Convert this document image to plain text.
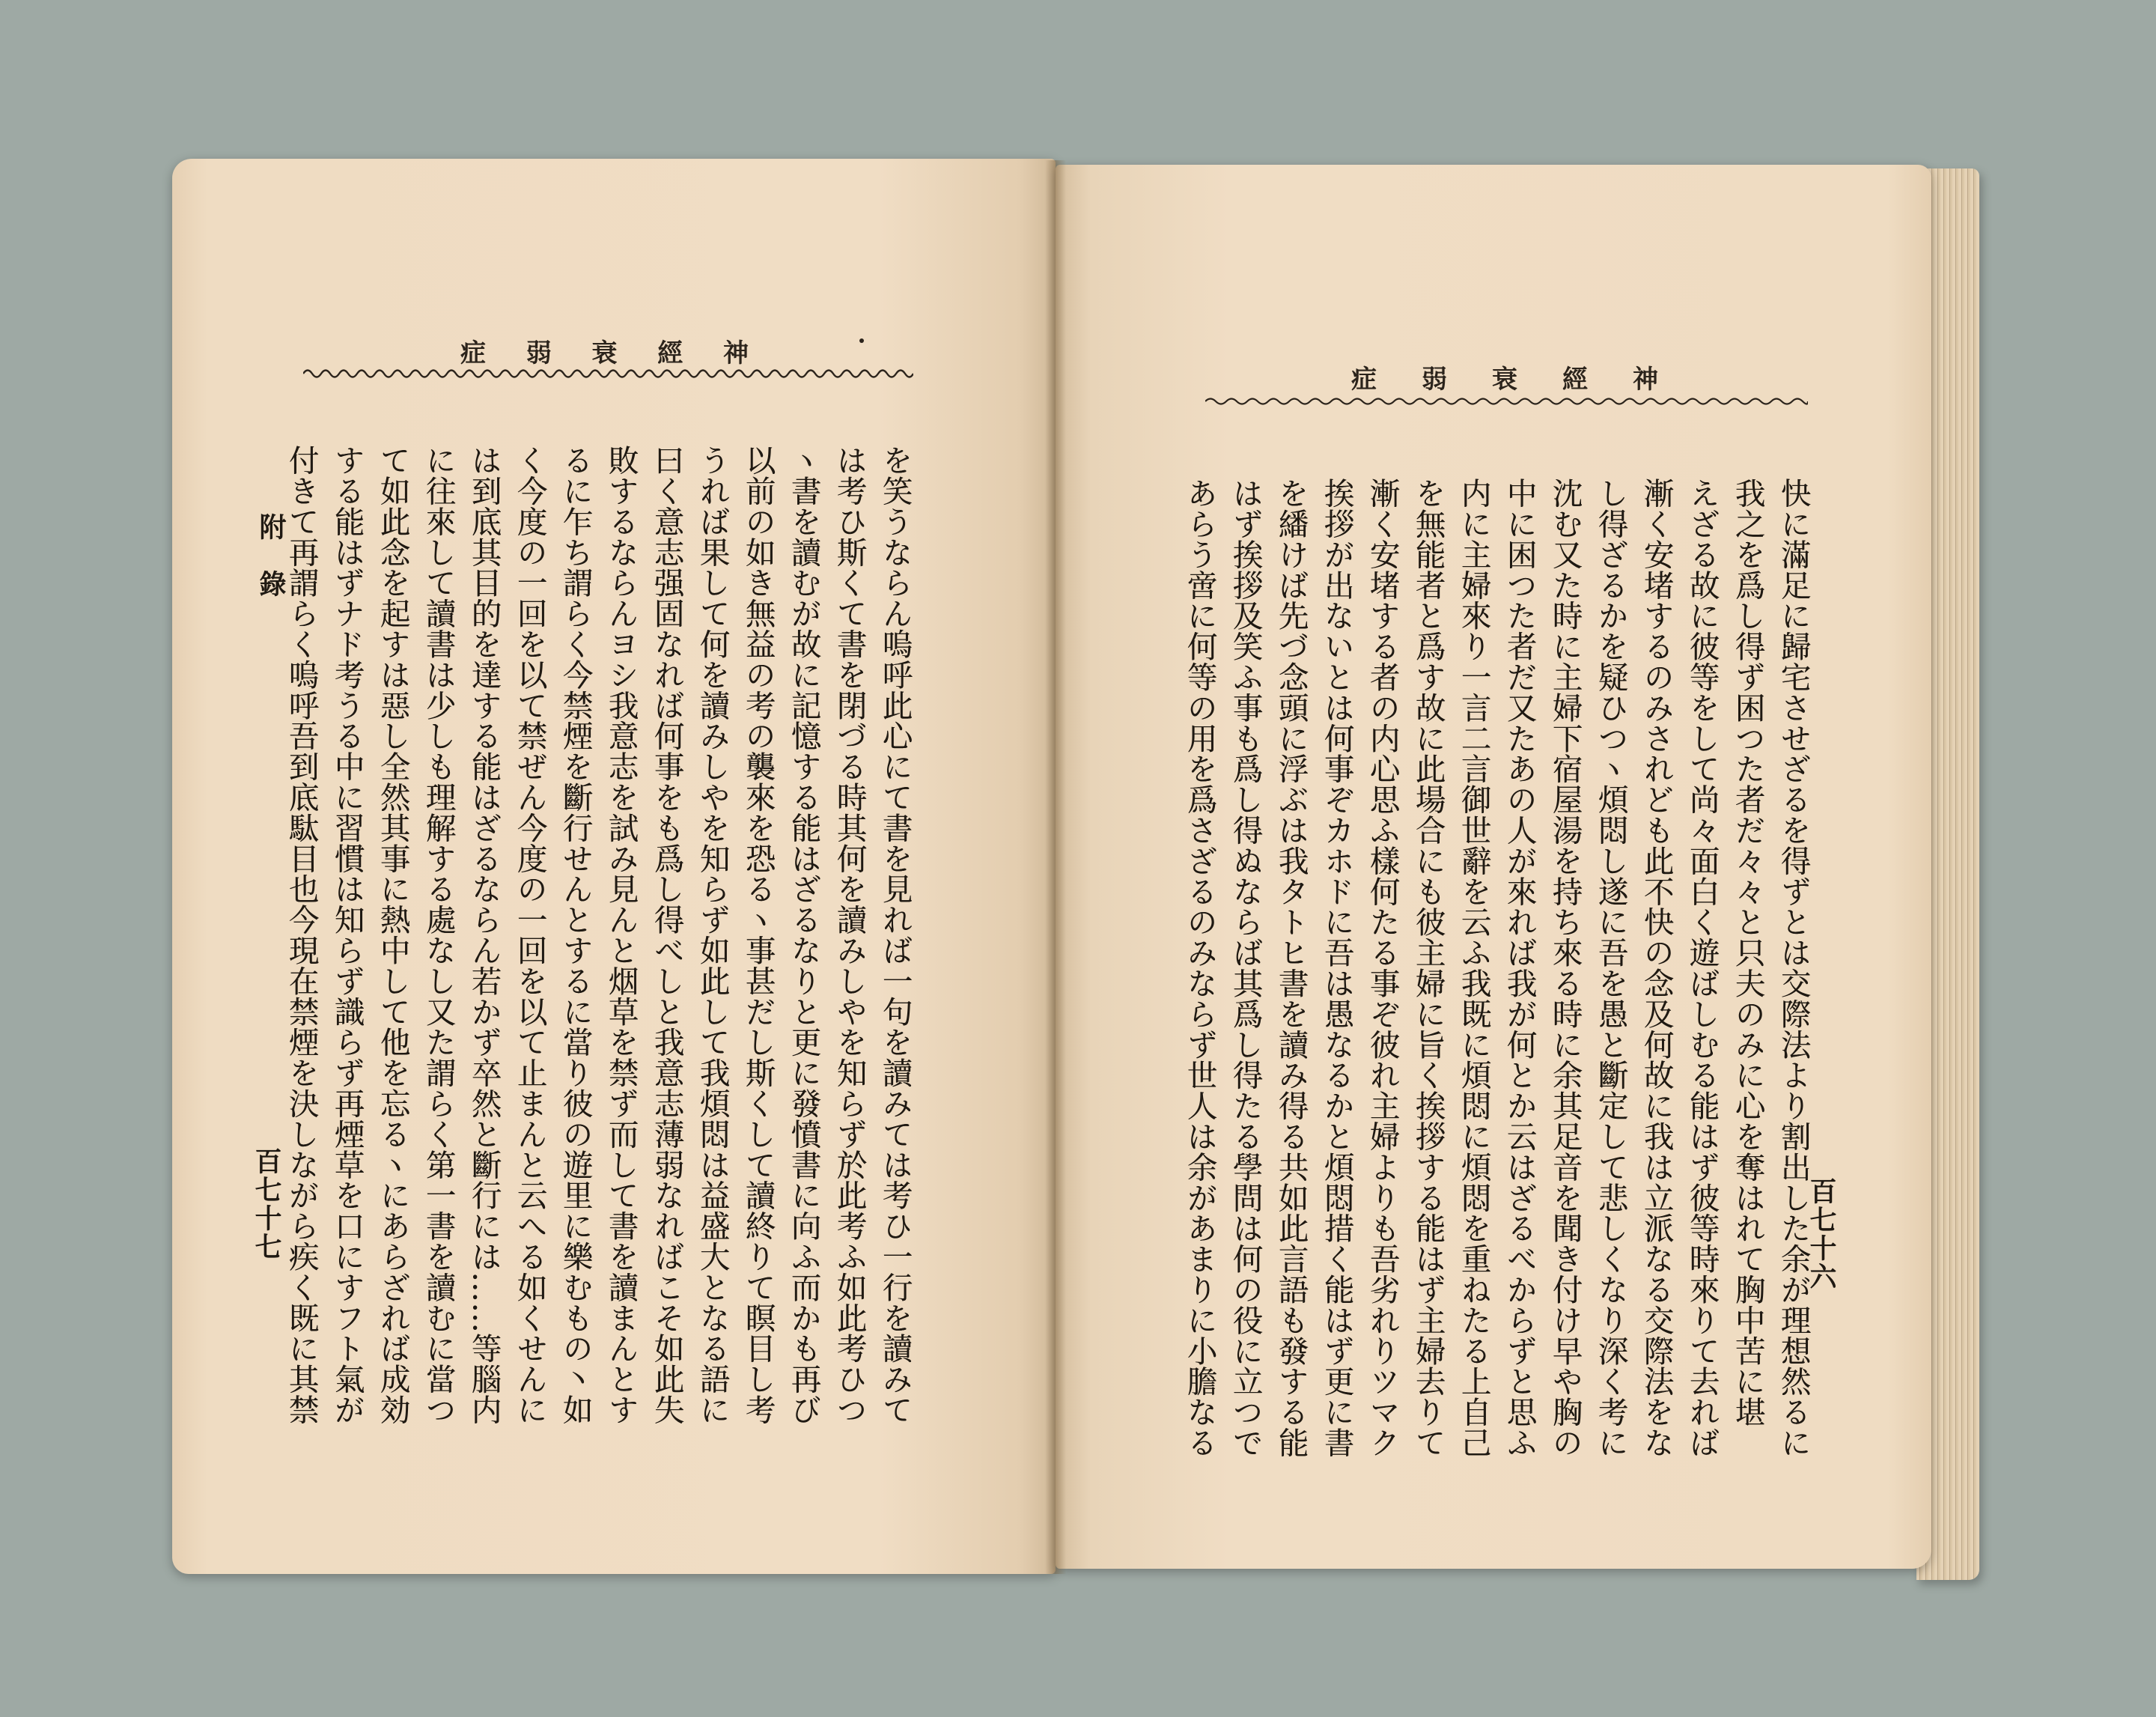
症 弱 衰 經 神
を笑うならん嗚呼此心にて書を見れば一句を讀みては考ひ一行を讀みて
は考ひ斯くて書を閉づる時其何を讀みしやを知らず於此考ふ如此考ひつ
ヽ書を讀むが故に記憶する能はざるなりと更に發憤書に向ふ而かも再び
以前の如き無益の考の襲來を恐るヽ事甚だし斯くして讀終りて瞑目し考
うれば果して何を讀みしやを知らず如此して我煩悶は益盛大となる語に
曰く意志强固なれば何事をも爲し得べしと我意志薄弱なればこそ如此失
敗するならんヨシ我意志を試み見んと烟草を禁ず而して書を讀まんとす
るに乍ち謂らく今禁煙を斷行せんとするに當り彼の遊里に樂むもの丶如
く今度の一回を以て禁ぜん今度の一回を以て止まんと云へる如くせんに
は到底其目的を達する能はざるならん若かず卒然と斷行には……等腦内
に往來して讀書は少しも理解する處なし又た謂らく第一書を讀むに當つ
て如此念を起すは惡し全然其事に熱中して他を忘るヽにあらざれば成効
する能はずナド考うる中に習慣は知らず識らず再煙草を口にすフト氣が
付きて再謂らく嗚呼吾到底駄目也今現在禁煙を決しながら疾く既に其禁
附錄
百七十七
症 弱 衰 經 神
快に滿足に歸宅させざるを得ずとは交際法より割出した余が理想然るに
我之を爲し得ず困つた者だ々々と只夫のみに心を奪はれて胸中苦に堪
えざる故に彼等をして尚々面白く遊ばしむる能はず彼等時來りて去れば
漸く安堵するのみされども此不快の念及何故に我は立派なる交際法をな
し得ざるかを疑ひつヽ煩悶し遂に吾を愚と斷定して悲しくなり深く考に
沈む又た時に主婦下宿屋湯を持ち來る時に余其足音を聞き付け早や胸の
中に困つた者だ又たあの人が來れば我が何とか云はざるべからずと思ふ
内に主婦來り一言二言御世辭を云ふ我既に煩悶に煩悶を重ねたる上自己
を無能者と爲す故に此場合にも彼主婦に旨く挨拶する能はず主婦去りて
漸く安堵する者の内心思ふ樣何たる事ぞ彼れ主婦よりも吾劣れりツマク
挨拶が出ないとは何事ぞカホドに吾は愚なるかと煩悶措く能はず更に書
を繙けば先づ念頭に浮ぶは我タトヒ書を讀み得る共如此言語も發する能
はず挨拶及笑ふ事も爲し得ぬならば其爲し得たる學問は何の役に立つで
あらう啻に何等の用を爲さざるのみならず世人は余があまりに小膽なる	百七十六
